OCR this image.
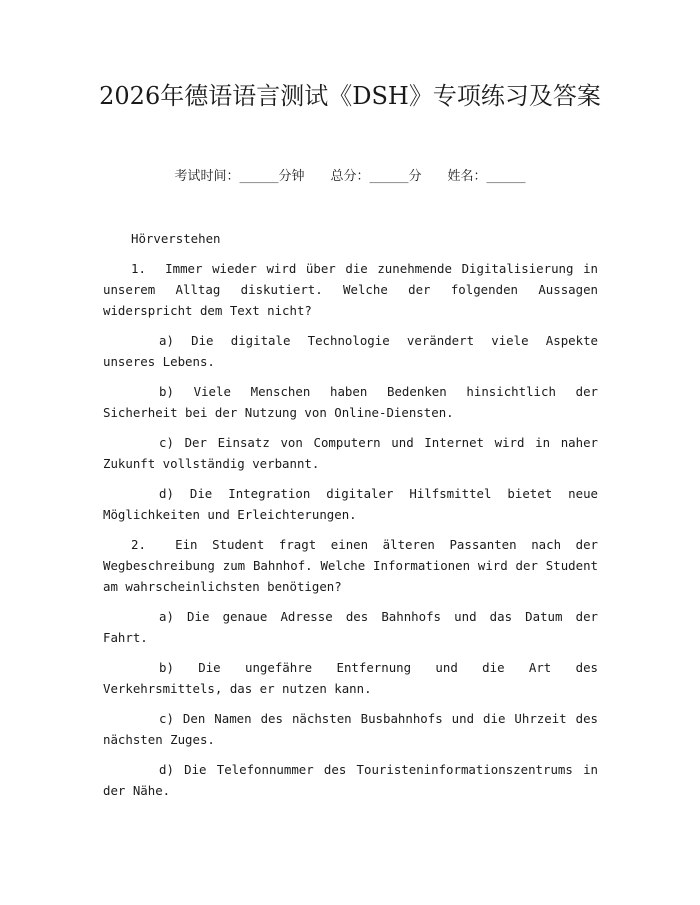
2026年德语语言测试《DSH》专项练习及答案
考试时间：______分钟 总分：______分 姓名：______

Hörverstehen

1. Immer wieder wird über die zunehmende Digitalisierung in unserem Alltag diskutiert. Welche der folgenden Aussagen widerspricht dem Text nicht?

a) Die digitale Technologie verändert viele Aspekte unseres Lebens.

b) Viele Menschen haben Bedenken hinsichtlich der Sicherheit bei der Nutzung von Online-Diensten.

c) Der Einsatz von Computern und Internet wird in naher Zukunft vollständig verbannt.

d) Die Integration digitaler Hilfsmittel bietet neue Möglichkeiten und Erleichterungen.

2. Ein Student fragt einen älteren Passanten nach der Wegbeschreibung zum Bahnhof. Welche Informationen wird der Student am wahrscheinlichsten benötigen?

a) Die genaue Adresse des Bahnhofs und das Datum der Fahrt.

b) Die ungefähre Entfernung und die Art des Verkehrsmittels, das er nutzen kann.

c) Den Namen des nächsten Busbahnhofs und die Uhrzeit des nächsten Zuges.

d) Die Telefonnummer des Touristeninformationszentrums in der Nähe.
